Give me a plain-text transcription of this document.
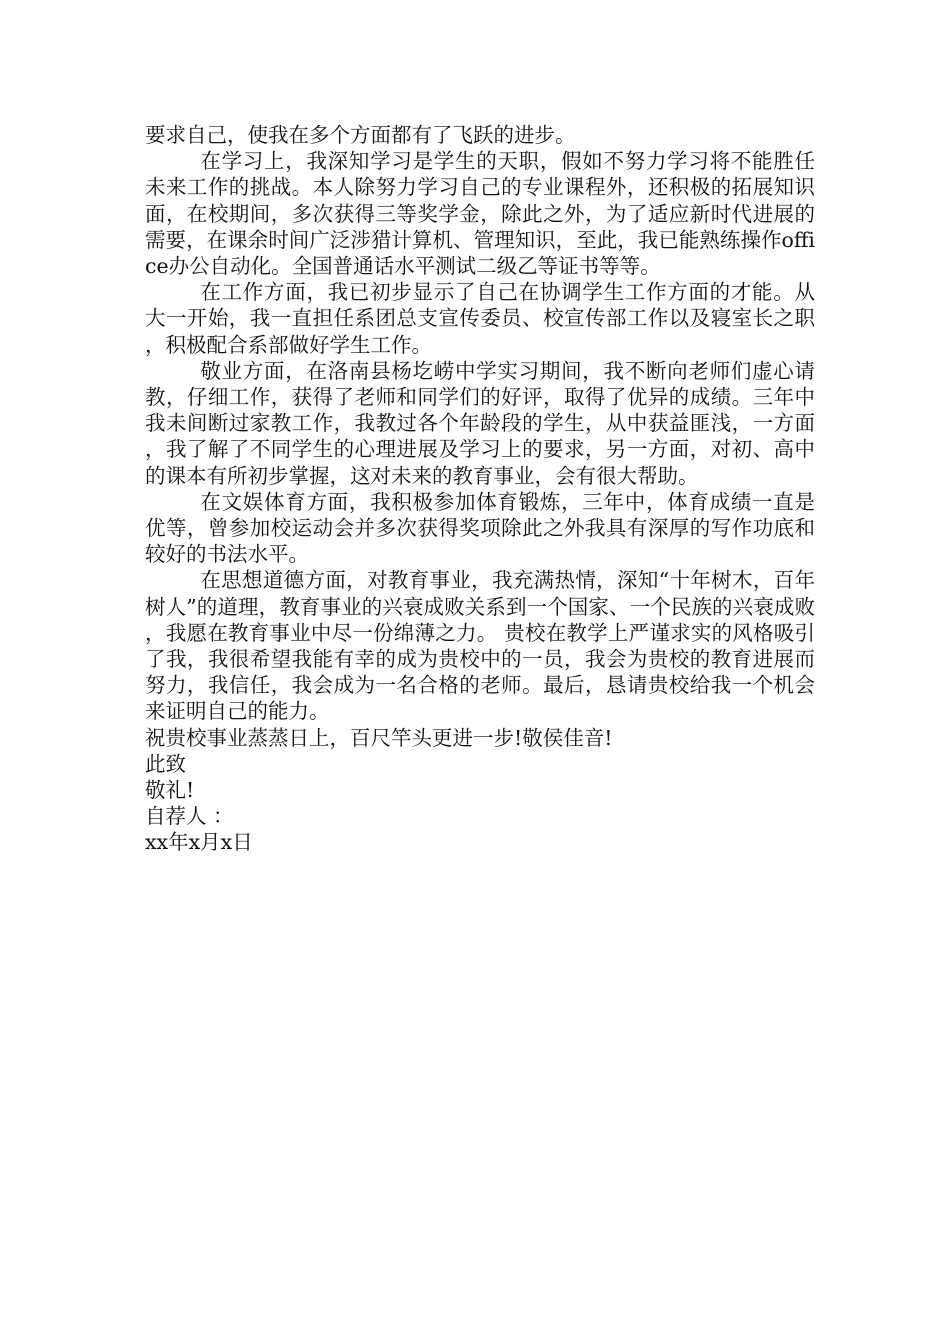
要求自己，使我在多个方面都有了飞跃的进步。

在学习上，我深知学习是学生的天职，假如不努力学习将不能胜任未来工作的挑战。本人除努力学习自己的专业课程外，还积极的拓展知识面，在校期间，多次获得三等奖学金，除此之外，为了适应新时代进展的需要，在课余时间广泛涉猎计算机、管理知识，至此，我已能熟练操作office办公自动化。全国普通话水平测试二级乙等证书等等。

在工作方面，我已初步显示了自己在协调学生工作方面的才能。从大一开始，我一直担任系团总支宣传委员、校宣传部工作以及寝室长之职，积极配合系部做好学生工作。

敬业方面，在洛南县杨圪崂中学实习期间，我不断向老师们虚心请教，仔细工作，获得了老师和同学们的好评，取得了优异的成绩。三年中我未间断过家教工作，我教过各个年龄段的学生，从中获益匪浅，一方面，我了解了不同学生的心理进展及学习上的要求，另一方面，对初、高中的课本有所初步掌握，这对未来的教育事业，会有很大帮助。

在文娱体育方面，我积极参加体育锻炼，三年中，体育成绩一直是优等，曾参加校运动会并多次获得奖项除此之外我具有深厚的写作功底和较好的书法水平。

在思想道德方面，对教育事业，我充满热情，深知“十年树木，百年树人”的道理，教育事业的兴衰成败关系到一个国家、一个民族的兴衰成败，我愿在教育事业中尽一份绵薄之力。 贵校在教学上严谨求实的风格吸引了我，我很希望我能有幸的成为贵校中的一员，我会为贵校的教育进展而努力，我信任，我会成为一名合格的老师。最后，恳请贵校给我一个机会来证明自己的能力。

祝贵校事业蒸蒸日上，百尺竿头更进一步!敬侯佳音!

此致

敬礼!

自荐人 ：

xx年x月x日
